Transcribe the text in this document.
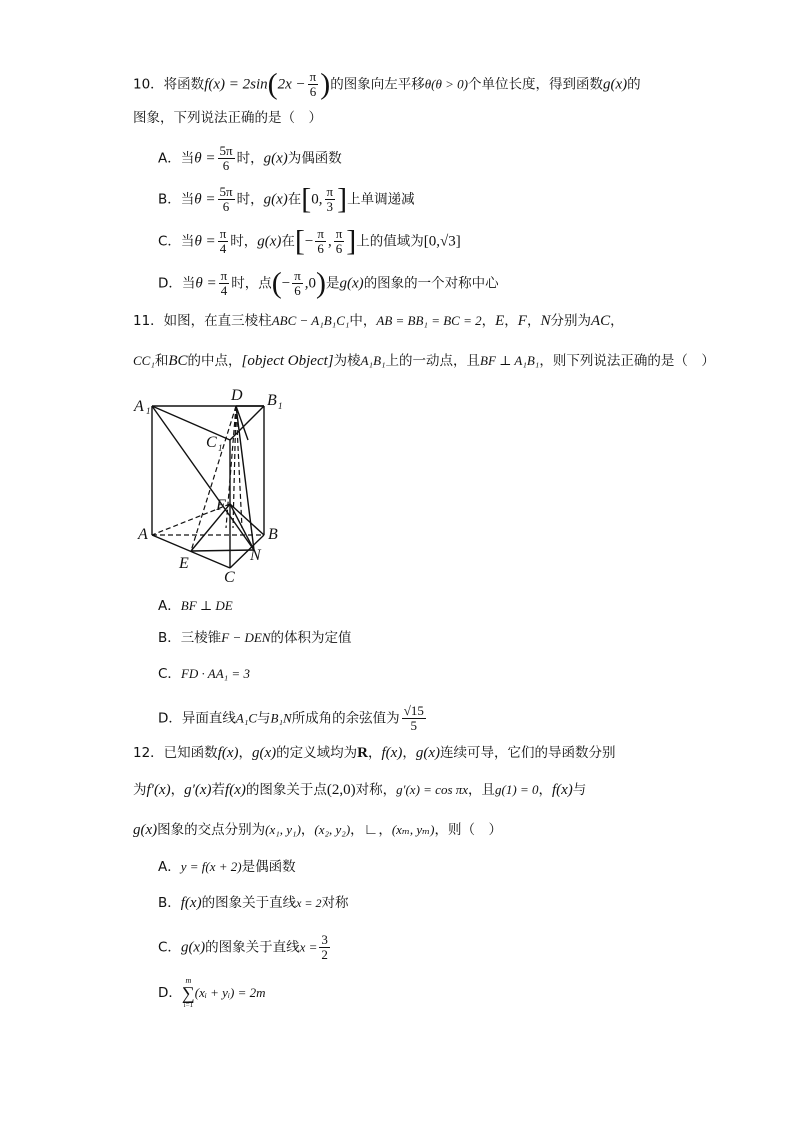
10．将函数$f(x) = 2\sin(2x - \frac{\pi}{6}$ )的图象向左平移θ(θ > 0)个单位长度，得到函数g(x)的
图象，下列说法正确的是（　）
A．当$\theta = \frac{5\pi}{6}$ 时，g(x)为偶函数
B．当$\theta = \frac{5\pi}{6}$ 时，g(x)在[0, $\frac{\pi}{3}$ ]上单调递减
C．当$\theta = \frac{\pi}{4}$ 时，g(x)在[− $\frac{\pi}{6}$ , $\frac{\pi}{6}$ ]上的值域为[0,√3]
D．当$\theta = \frac{\pi}{4}$ 时，点(− $\frac{\pi}{6} ,0$)是g(x)的图象的一个对称中心
11．如图，在直三棱柱ABC − A₁B₁C₁中，AB = BB₁ = BC = 2，E，F，N分别为AC，
CC₁和BC的中点，[object Object]为棱A₁B₁上的一动点，且BF ⊥ A₁B₁，则下列说法正确的是（　）
A 1
D B 1
C 1
F
A	B
E	N
C
A．BF ⊥ DE
B．三棱锥F − DEN的体积为定值
C．FD · AA₁ = 3
D．异面直线A₁C与B₁N所成角的余弦值为 $\frac{√15}{5}$
12．已知函数f(x)，g(x)的定义域均为R，f(x)，g(x)连续可导，它们的导函数分别
为f′(x)，g′(x)若f(x)的图象关于点(2,0)对称，g′(x) = cos πx，且g(1) = 0，f(x)与
g(x)图象的交点分别为(x₁, y₁)，(x₂, y₂)，∟，(xₘ, yₘ)，则（　）
A．y = f(x + 2)是偶函数
B．f(x)的图象关于直线x = 2对称
C．g(x)的图象关于直线$x = \frac{3}{2}$
D．
m
∑
i=1
(xᵢ + yᵢ) = 2m
